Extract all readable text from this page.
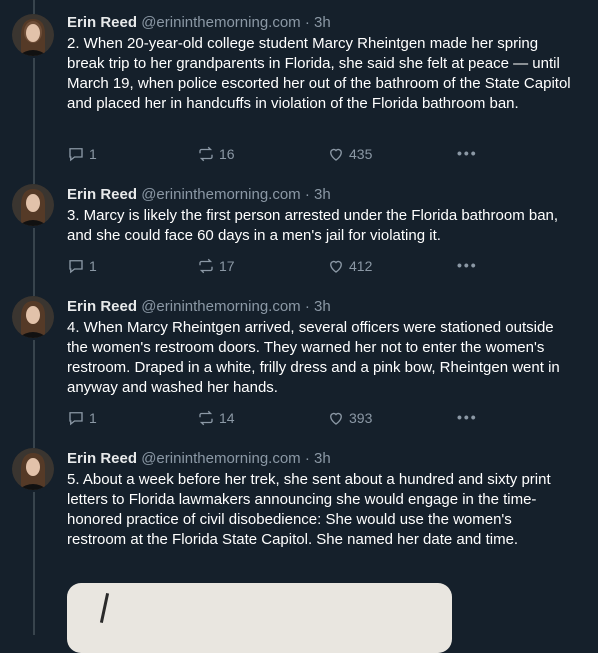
Erin Reed @erininthemorning.com · 3h
2. When 20-year-old college student Marcy Rheintgen made her spring break trip to her grandparents in Florida, she said she felt at peace — until March 19, when police escorted her out of the bathroom of the State Capitol and placed her in handcuffs in violation of the Florida bathroom ban.
1	16	435	•••
Erin Reed @erininthemorning.com · 3h
3. Marcy is likely the first person arrested under the Florida bathroom ban, and she could face 60 days in a men's jail for violating it.
1	17	412	•••
Erin Reed @erininthemorning.com · 3h
4. When Marcy Rheintgen arrived, several officers were stationed outside the women's restroom doors. They warned her not to enter the women's restroom. Draped in a white, frilly dress and a pink bow, Rheintgen went in anyway and washed her hands.
1	14	393	•••
Erin Reed @erininthemorning.com · 3h
5. About a week before her trek, she sent about a hundred and sixty print letters to Florida lawmakers announcing she would engage in the time-honored practice of civil disobedience: She would use the women's restroom at the Florida State Capitol. She named her date and time.
